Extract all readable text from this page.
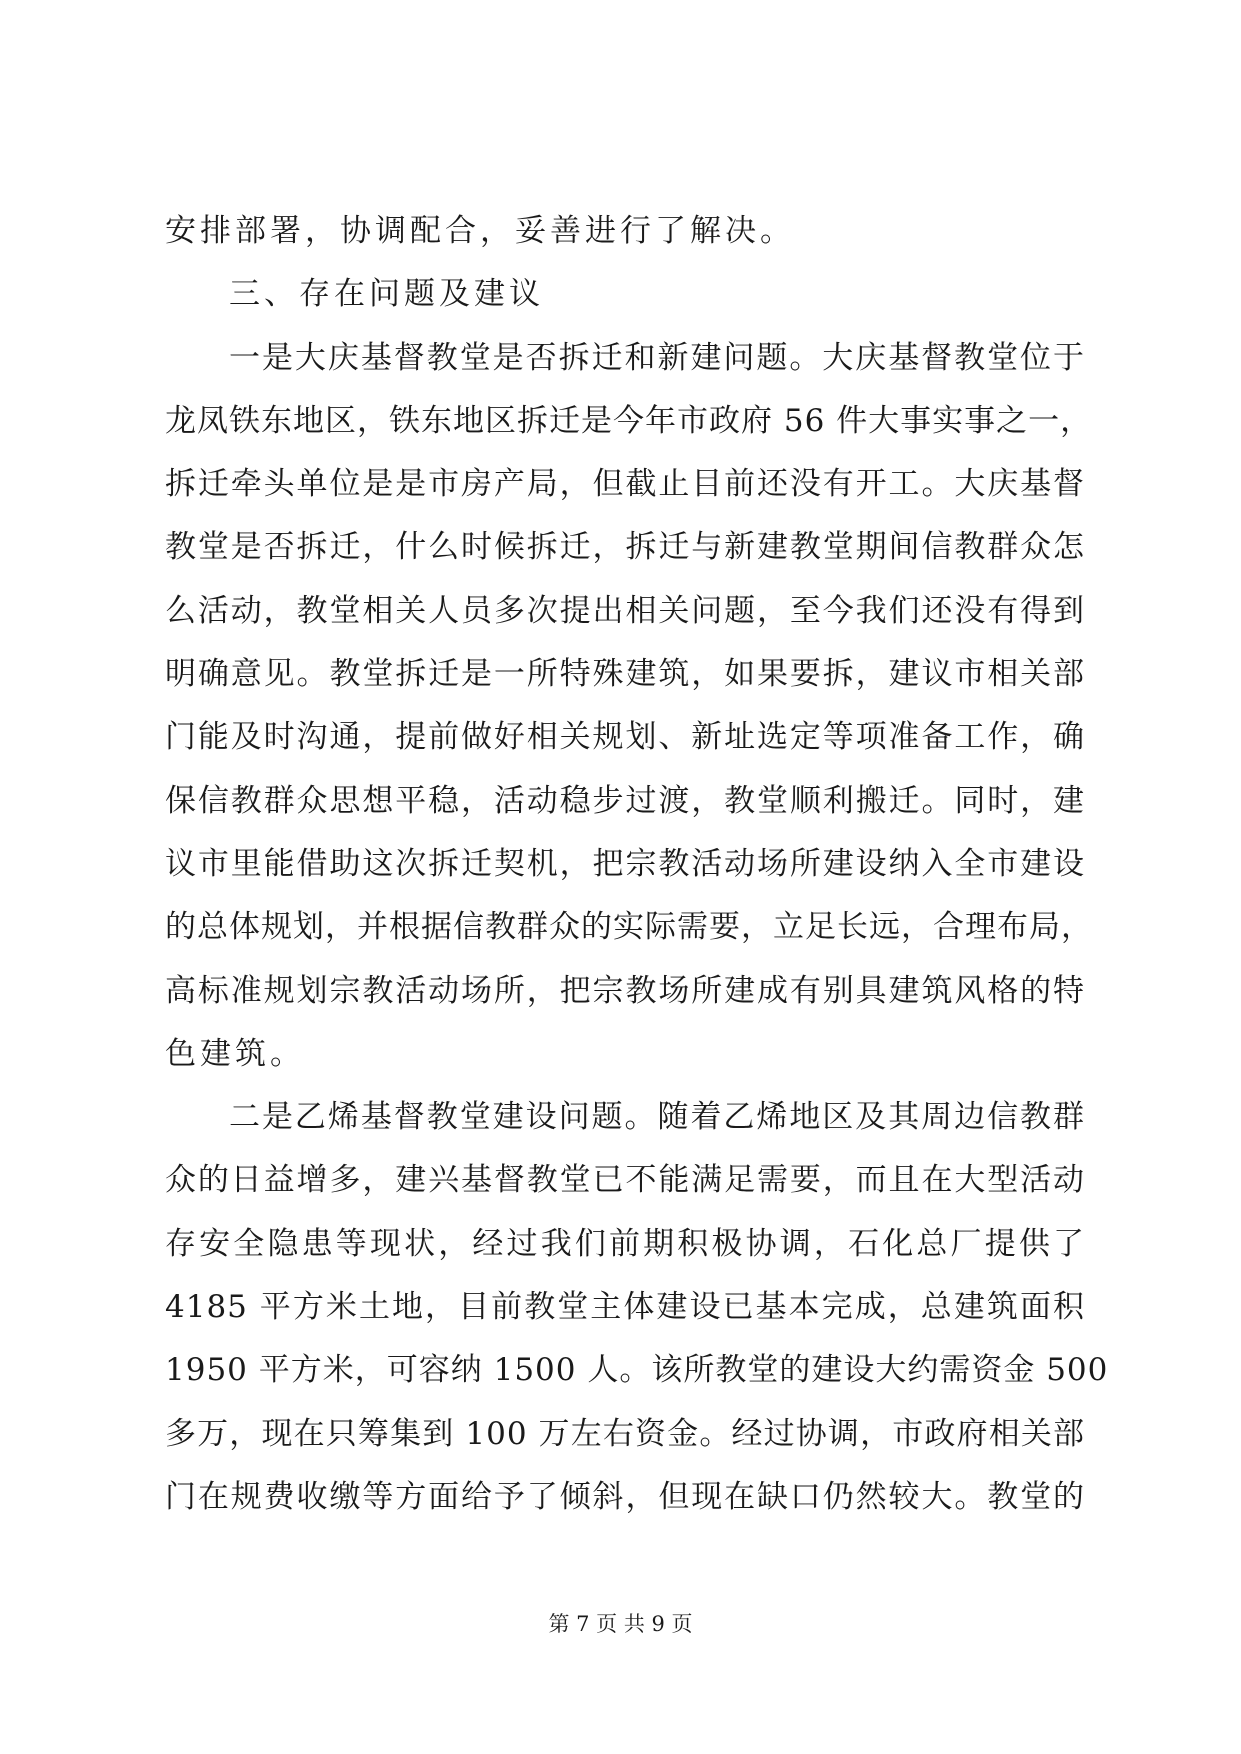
安排部署，协调配合，妥善进行了解决。
三、存在问题及建议
一是大庆基督教堂是否拆迁和新建问题。大庆基督教堂位于
龙凤铁东地区，铁东地区拆迁是今年市政府 56 件大事实事之一，
拆迁牵头单位是是市房产局，但截止目前还没有开工。大庆基督
教堂是否拆迁，什么时候拆迁，拆迁与新建教堂期间信教群众怎
么活动，教堂相关人员多次提出相关问题，至今我们还没有得到
明确意见。教堂拆迁是一所特殊建筑，如果要拆，建议市相关部
门能及时沟通，提前做好相关规划、新址选定等项准备工作，确
保信教群众思想平稳，活动稳步过渡，教堂顺利搬迁。同时，建
议市里能借助这次拆迁契机，把宗教活动场所建设纳入全市建设
的总体规划，并根据信教群众的实际需要，立足长远，合理布局，
高标准规划宗教活动场所，把宗教场所建成有别具建筑风格的特
色建筑。
二是乙烯基督教堂建设问题。随着乙烯地区及其周边信教群
众的日益增多，建兴基督教堂已不能满足需要，而且在大型活动
存安全隐患等现状，经过我们前期积极协调，石化总厂提供了
4185 平方米土地，目前教堂主体建设已基本完成，总建筑面积
1950 平方米，可容纳 1500 人。该所教堂的建设大约需资金 500
多万，现在只筹集到 100 万左右资金。经过协调，市政府相关部
门在规费收缴等方面给予了倾斜，但现在缺口仍然较大。教堂的
第 7 页 共 9 页
